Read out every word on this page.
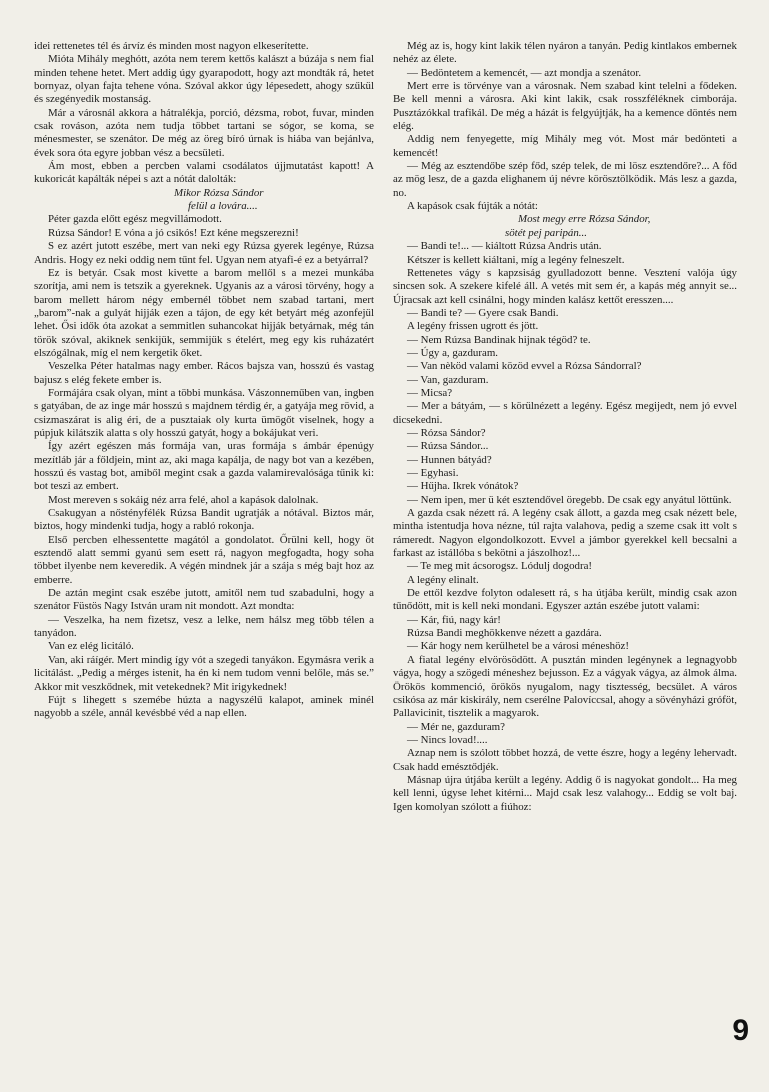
idei rettenetes tél és árvíz és minden most nagyon elkeserítette.

Mióta Mihály meghótt, azóta nem terem kettős kalászt a búzája s nem fial minden tehene hetet. Mert addig úgy gyarapodott, hogy azt mondták rá, hetet bornyaz, olyan fajta tehene vóna. Szóval akkor úgy lépesedett, ahogy szűkül és szegényedik mostanság.

Már a városnál akkora a hátralékja, porció, dézsma, robot, fuvar, minden csak rováson, azóta nem tudja többet tartani se sógor, se koma, se ménesmester, se szenátor. De még az öreg bíró úrnak is hiába van bejánlva, évek sora óta egyre jobban vész a becsületi.

Ám most, ebben a percben valami csodálatos újjmutatást kapott! A kukoricát kapálták népei s azt a nótát dalolták:

Mikor Rózsa Sándor

felül a lovára....

Péter gazda előtt egész megvillámodott.

Rúzsa Sándor! E vóna a jó csikós! Ezt kéne megszerezni!

S ez azért jutott eszébe, mert van neki egy Rúzsa gyerek legénye, Rúzsa Andris. Hogy ez neki oddig nem tűnt fel. Ugyan nem atyafi-é ez a betyárral?

Ez is betyár. Csak most kivette a barom mellől s a mezei munkába szorítja, ami nem is tetszik a gyereknek. Ugyanis az a városi törvény, hogy a barom mellett három négy embernél többet nem szabad tartani, mert „barom”-nak a gulyát hijják ezen a tájon, de egy két betyárt még azonfejül lehet. Ősi idők óta azokat a semmitlen suhancokat hijják betyárnak, még tán török szóval, akiknek senkijük, semmijük s ételért, meg egy kis ruházatért elszógálnak, míg el nem kergetik őket.

Veszelka Péter hatalmas nagy ember. Rácos bajsza van, hosszú és vastag bajusz s elég fekete ember is.

Formájára csak olyan, mint a többi munkása. Vászonneműben van, ingben s gatyában, de az inge már hosszú s majdnem térdig ér, a gatyája meg rövid, a csizmaszárat is alig éri, de a pusztaiak oly kurta ümögőt viselnek, hogy a púpjuk kilátszik alatta s oly hosszú gatyát, hogy a bokájukat veri.

Így azért egészen más formája van, uras formája s ámbár épenúgy mezítláb jár a főldjein, mint az, aki maga kapálja, de nagy bot van a kezében, hosszú és vastag bot, amiből megint csak a gazda valamirevalósága tűnik ki: bot teszi az embert.

Most mereven s sokáig néz arra felé, ahol a kapások dalolnak.

Csakugyan a nőstényfélék Rúzsa Bandit ugratják a nótával. Biztos már, biztos, hogy mindenki tudja, hogy a rabló rokonja.

Első percben elhessentette magától a gondolatot. Őrülni kell, hogy öt esztendő alatt semmi gyanú sem esett rá, nagyon megfogadta, hogy soha többet ilyenbe nem keveredik. A végén mindnek jár a szája s még bajt hoz az emberre.

De aztán megint csak eszébe jutott, amitől nem tud szabadulni, hogy a szenátor Füstös Nagy István uram nit mondott. Azt mondta:

— Veszelka, ha nem fizetsz, vesz a lelke, nem hálsz meg több télen a tanyádon.

Van ez elég licitáló.

Van, aki ráígér. Mert mindig így vót a szegedi tanyákon. Egymásra verik a licitálást. „Pedig a mérges istenit, ha én ki nem tudom venni belőle, más se.” Akkor mit veszkődnek, mit vetekednek? Mit irigykednek!

Fújt s lihegett s szemébe húzta a nagyszélű kalapot, aminek minél nagyobb a széle, annál kevésbbé véd a nap ellen.

Még az is, hogy kint lakik télen nyáron a tanyán. Pedig kintlakos embernek nehéz az élete.

— Bedöntetem a kemencét, — azt mondja a szenátor.

Mert erre is törvénye van a városnak. Nem szabad kint telelni a fődeken. Be kell menni a városra. Aki kint lakik, csak rosszféléknek cimborája. Pusztázókkal trafikál. De még a házát is felgyújtják, ha a kemence döntés nem elég.

Addig nem fenyegette, míg Mihály meg vót. Most már bedönteti a kemencét!

— Még az esztendőbe szép főd, szép telek, de mi lösz esztendőre?... A főd az mög lesz, de a gazda elighanem új névre körösztölködik. Más lesz a gazda, no.

A kapások csak fújták a nótát:

Most megy erre Rózsa Sándor,

sötét pej paripán...

— Bandi te!... — kiáltott Rúzsa Andris után.

Kétszer is kellett kiáltani, míg a legény felneszelt.

Rettenetes vágy s kapzsiság gyulladozott benne. Vesztení valója úgy sincsen sok. A szekere kifelé áll. A vetés mit sem ér, a kapás még annyit se... Újracsak azt kell csinálni, hogy minden kalász kettőt eresszen....

— Bandi te? — Gyere csak Bandi.

A legény frissen ugrott és jött.

— Nem Rúzsa Bandinak hijnak tégöd? te.

— Úgy a, gazduram.

— Van nèköd valami közöd evvel a Rózsa Sándorral?

— Van, gazduram.

— Micsa?

— Mer a bátyám, — s körülnézett a legény. Egész megijedt, nem jó evvel dicsekedni.

— Rózsa Sándor?

— Rúzsa Sándor...

— Hunnen bátyád?

— Egyhasi.

— Hűjha. Ikrek vónátok?

— Nem ipen, mer ü két esztendővel öregebb. De csak egy anyátul löttünk.

A gazda csak nézett rá. A legény csak állott, a gazda meg csak nézett bele, mintha istentudja hova nézne, túl rajta valahova, pedig a szeme csak itt volt s rámeredt. Nagyon elgondolkozott. Evvel a jámbor gyerekkel kell becsalni a farkast az istállóba s bekötni a jászolhoz!...

— Te meg mit ácsorogsz. Lódulj dogodra!

A legény elinalt.

De ettől kezdve folyton odalesett rá, s ha útjába került, mindig csak azon tűnődött, mit is kell neki mondani. Egyszer aztán eszébe jutott valami:

— Kár, fiú, nagy kár!

Rúzsa Bandi meghökkenve nézett a gazdára.

— Kár hogy nem kerülhetel be a városi méneshöz!

A fiatal legény elvörösödött. A pusztán minden legénynek a legnagyobb vágya, hogy a szögedi méneshez bejusson. Ez a vágyak vágya, az álmok álma. Örökös kommenció, örökös nyugalom, nagy tisztesség, becsület. A város csikósa az már kiskirály, nem cserélne Palovíccsal, ahogy a sövényházi gróföt, Pallavicinit, tisztelik a magyarok.

— Mér ne, gazduram?

— Nincs lovad!....

Aznap nem is szólott többet hozzá, de vette észre, hogy a legény lehervadt. Csak hadd emésztődjék.

Másnap újra útjába került a legény. Addig ő is nagyokat gondolt... Ha meg kell lenni, úgyse lehet kitérni... Majd csak lesz valahogy... Eddig se volt baj. Igen komolyan szólott a fiúhoz:

9
